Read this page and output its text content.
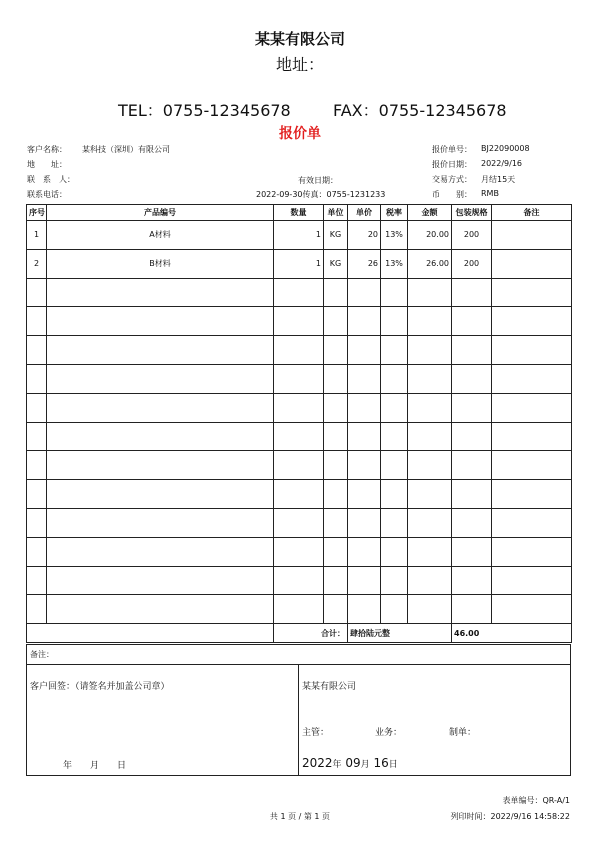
某某有限公司
地址：
TEL：0755-12345678	FAX：0755-12345678
报价单
客户名称： 某科技（深圳）有限公司
地　　址：
联　系　人：
联系电话：
有效日期：
2022-09-30传真：0755-1231233
报价单号： BJ22090008
报价日期： 2022/9/16
交易方式： 月结15天
币　　别： RMB
序号	产品编号	数量	单位	单价	税率	金额	包装规格	备注
1	A材料	1	KG	20	13%	20.00	200	
2	B材料	1	KG	26	13%	26.00	200	

		合计：		肆拾陆元整			46.00	
备注：
客户回签：（请签名并加盖公司章）
年　　月　　日
某某有限公司
主管：	业务：	制单：
2022年 09月 16日
表单编号：QR-A/1
共 1 页 / 第 1 页	列印时间：2022/9/16 14:58:22
